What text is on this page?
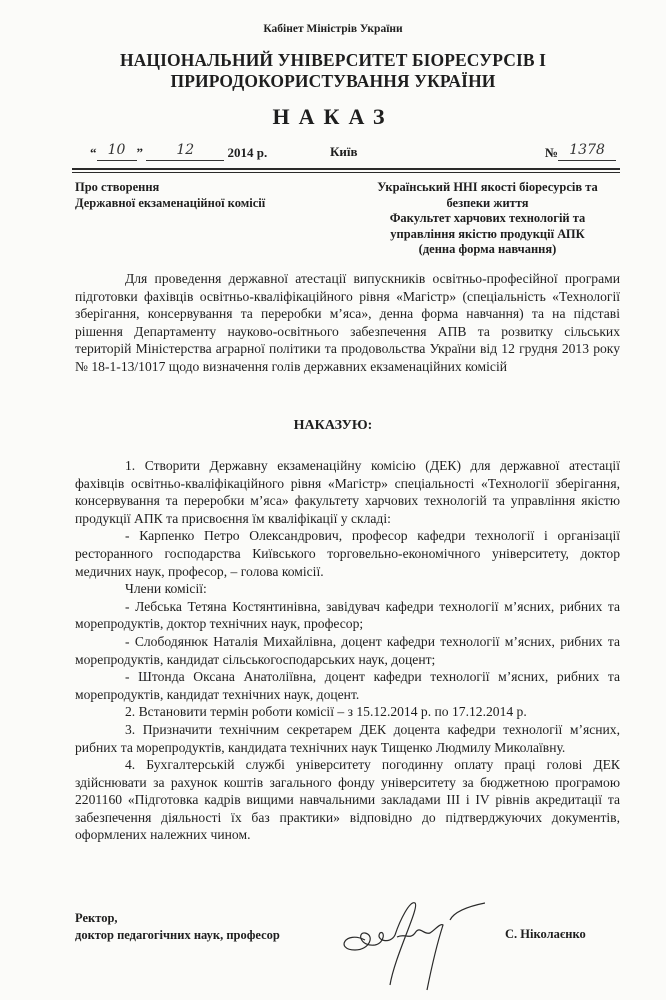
Кабінет Міністрів України
НАЦІОНАЛЬНИЙ УНІВЕРСИТЕТ БІОРЕСУРСІВ І
ПРИРОДОКОРИСТУВАННЯ УКРАЇНИ
НАКАЗ
“ 10 ” 12	2014 р.	Київ	№ 1378
Про створення
Державної екзаменаційної комісії
Український ННІ якості біоресурсів та
безпеки життя
Факультет харчових технологій та
управління якістю продукції АПК
(денна форма навчання)

Для проведення державної атестації випускників освітньо-професійної програми підготовки фахівців освітньо-кваліфікаційного рівня «Магістр» (спеціальність «Технології зберігання, консервування та переробки м’яса», денна форма навчання) та на підставі рішення Департаменту науково-освітнього забезпечення АПВ та розвитку сільських територій Міністерства аграрної політики та продовольства України від 12 грудня 2013 року № 18-1-13/1017 щодо визначення голів державних екзаменаційних комісій

НАКАЗУЮ:

1. Створити Державну екзаменаційну комісію (ДЕК) для державної атестації фахівців освітньо-кваліфікаційного рівня «Магістр» спеціальності «Технології зберігання, консервування та переробки м’яса» факультету харчових технологій та управління якістю продукції АПК та присвоєння їм кваліфікації у складі:

- Карпенко Петро Олександрович, професор кафедри технології і організації ресторанного господарства Київського торговельно-економічного університету, доктор медичних наук, професор, – голова комісії.

Члени комісії:

- Лебська Тетяна Костянтинівна, завідувач кафедри технології м’ясних, рибних та морепродуктів, доктор технічних наук, професор;

- Слободянюк Наталія Михайлівна, доцент кафедри технології м’ясних, рибних та морепродуктів, кандидат сільськогосподарських наук, доцент;

- Штонда Оксана Анатоліївна, доцент кафедри технології м’ясних, рибних та морепродуктів, кандидат технічних наук, доцент.

2. Встановити термін роботи комісії – з 15.12.2014 р. по 17.12.2014 р.

3. Призначити технічним секретарем ДЕК доцента кафедри технології м’ясних, рибних та морепродуктів, кандидата технічних наук Тищенко Людмилу Миколаївну.

4. Бухгалтерській службі університету погодинну оплату праці голові ДЕК здійснювати за рахунок коштів загального фонду університету за бюджетною програмою 2201160 «Підготовка кадрів вищими навчальними закладами III і IV рівнів акредитації та забезпечення діяльності їх баз практики» відповідно до підтверджуючих документів, оформлених належних чином.

Ректор,
доктор педагогічних наук, професор	С. Ніколаєнко
